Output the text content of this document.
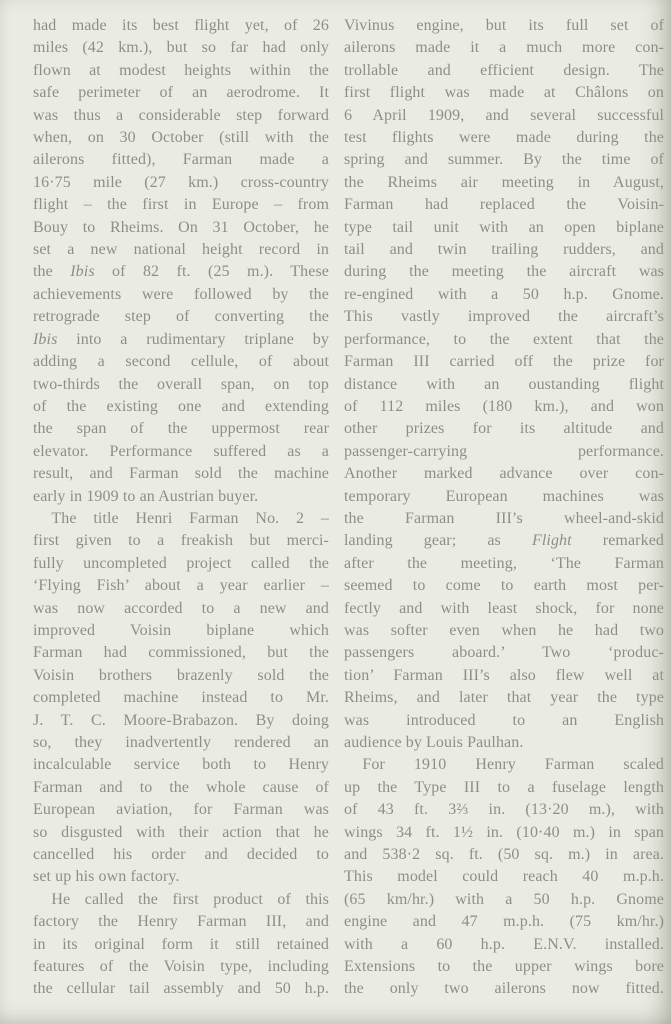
had made its best flight yet, of 26
miles (42 km.), but so far had only
flown at modest heights within the
safe perimeter of an aerodrome. It
was thus a considerable step forward
when, on 30 October (still with the
ailerons fitted), Farman made a
16·75 mile (27 km.) cross-country
flight – the first in Europe – from
Bouy to Rheims. On 31 October, he
set a new national height record in
the Ibis of 82 ft. (25 m.). These
achievements were followed by the
retrograde step of converting the
Ibis into a rudimentary triplane by
adding a second cellule, of about
two-thirds the overall span, on top
of the existing one and extending
the span of the uppermost rear
elevator. Performance suffered as a
result, and Farman sold the machine
early in 1909 to an Austrian buyer.
The title Henri Farman No. 2 –
first given to a freakish but merci-
fully uncompleted project called the
‘Flying Fish’ about a year earlier –
was now accorded to a new and
improved Voisin biplane which
Farman had commissioned, but the
Voisin brothers brazenly sold the
completed machine instead to Mr.
J. T. C. Moore-Brabazon. By doing
so, they inadvertently rendered an
incalculable service both to Henry
Farman and to the whole cause of
European aviation, for Farman was
so disgusted with their action that he
cancelled his order and decided to
set up his own factory.
He called the first product of this
factory the Henry Farman III, and
in its original form it still retained
features of the Voisin type, including
the cellular tail assembly and 50 h.p.
Vivinus engine, but its full set of
ailerons made it a much more con-
trollable and efficient design. The
first flight was made at Châlons on
6 April 1909, and several successful
test flights were made during the
spring and summer. By the time of
the Rheims air meeting in August,
Farman had replaced the Voisin-
type tail unit with an open biplane
tail and twin trailing rudders, and
during the meeting the aircraft was
re-engined with a 50 h.p. Gnome.
This vastly improved the aircraft’s
performance, to the extent that the
Farman III carried off the prize for
distance with an oustanding flight
of 112 miles (180 km.), and won
other prizes for its altitude and
passenger-carrying performance.
Another marked advance over con-
temporary European machines was
the Farman III’s wheel-and-skid
landing gear; as Flight remarked
after the meeting, ‘The Farman
seemed to come to earth most per-
fectly and with least shock, for none
was softer even when he had two
passengers aboard.’ Two ‘produc-
tion’ Farman III’s also flew well at
Rheims, and later that year the type
was introduced to an English
audience by Louis Paulhan.
For 1910 Henry Farman scaled
up the Type III to a fuselage length
of 43 ft. 3⅔ in. (13·20 m.), with
wings 34 ft. 1½ in. (10·40 m.) in span
and 538·2 sq. ft. (50 sq. m.) in area.
This model could reach 40 m.p.h.
(65 km/hr.) with a 50 h.p. Gnome
engine and 47 m.p.h. (75 km/hr.)
with a 60 h.p. E.N.V. installed.
Extensions to the upper wings bore
the only two ailerons now fitted.
